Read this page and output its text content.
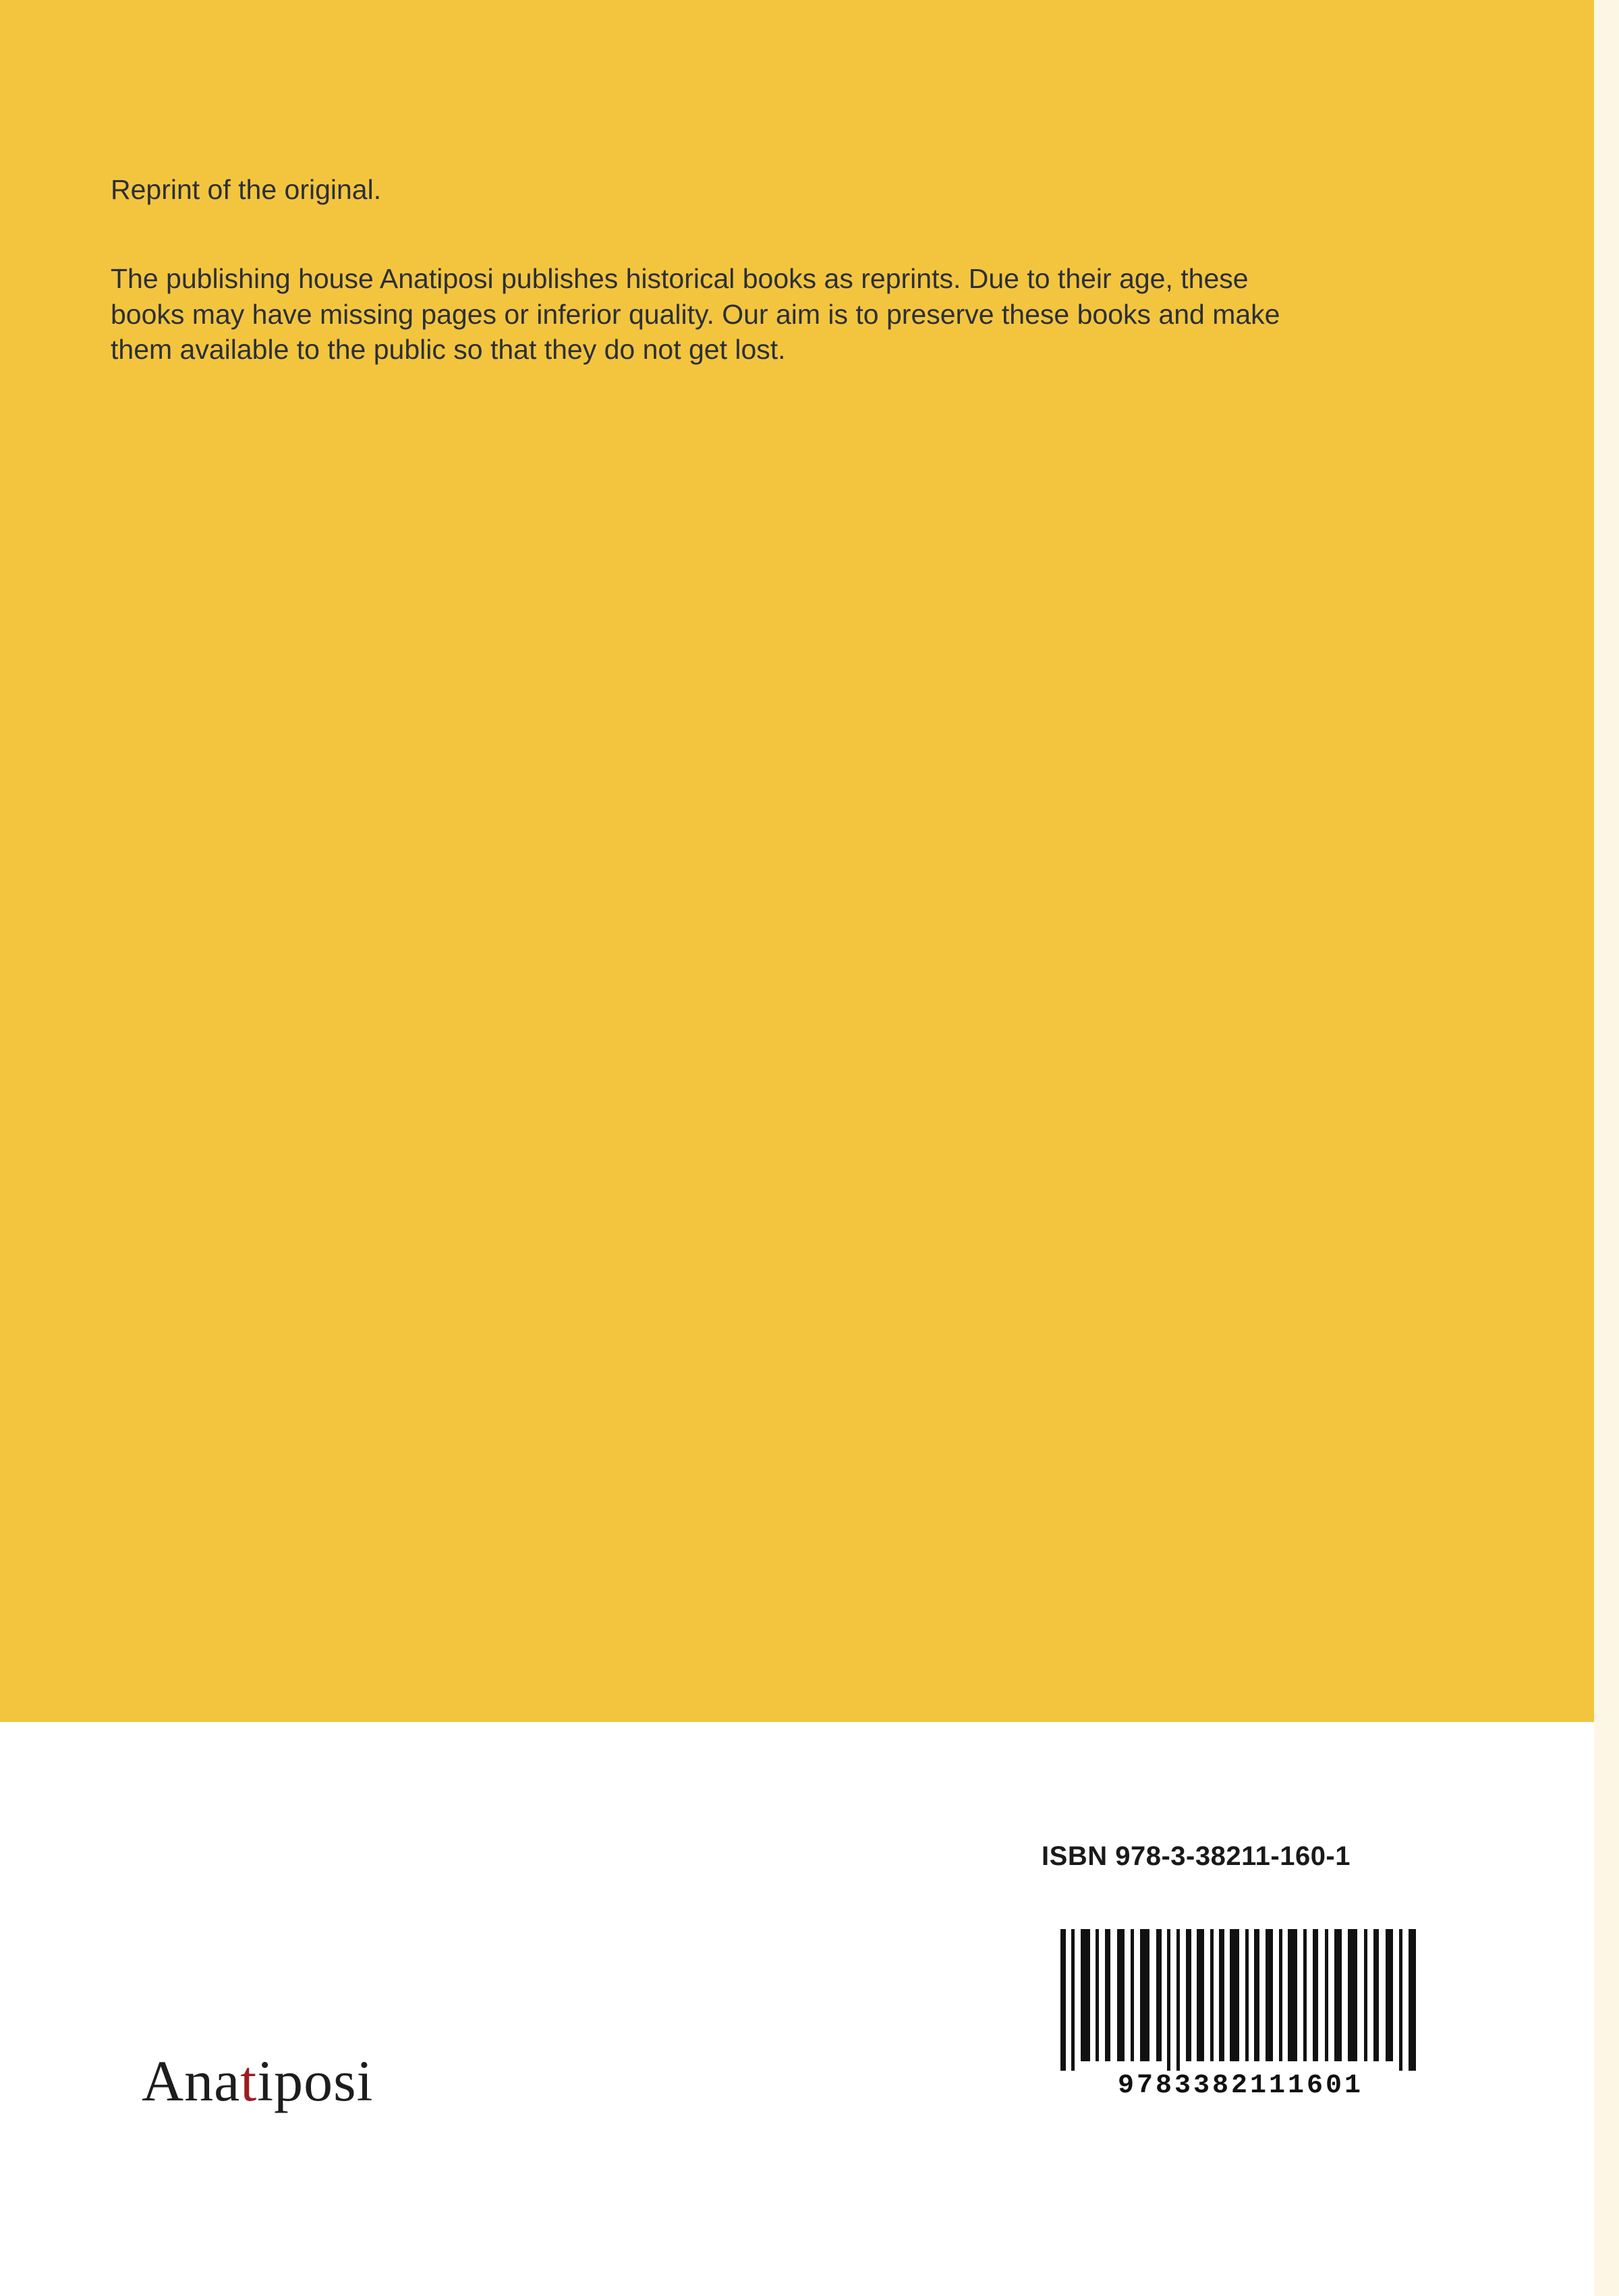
Reprint of the original.

The publishing house Anatiposi publishes historical books as reprints. Due to their age, these books may have missing pages or inferior quality. Our aim is to preserve these books and make them available to the public so that they do not get lost.

ISBN 978-3-38211-160-1
9783382111601
Anatiposi
